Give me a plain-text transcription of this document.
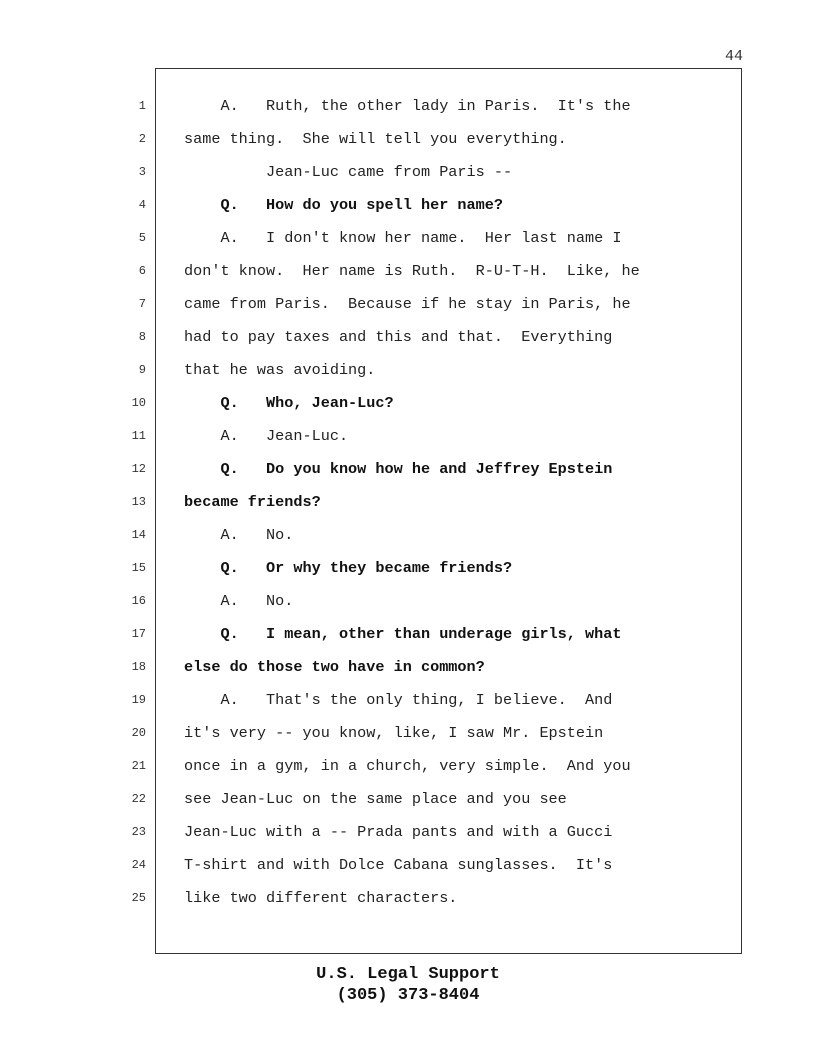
44
1
2
3
4
5
6
7
8
9
10
11
12
13
14
15
16
17
18
19
20
21
22
23
24
25
A.   Ruth, the other lady in Paris.  It's the
same thing.  She will tell you everything.
Jean-Luc came from Paris --
Q.   How do you spell her name?
A.   I don't know her name.  Her last name I
don't know.  Her name is Ruth.  R-U-T-H.  Like, he
came from Paris.  Because if he stay in Paris, he
had to pay taxes and this and that.  Everything
that he was avoiding.
Q.   Who, Jean-Luc?
A.   Jean-Luc.
Q.   Do you know how he and Jeffrey Epstein
became friends?
A.   No.
Q.   Or why they became friends?
A.   No.
Q.   I mean, other than underage girls, what
else do those two have in common?
A.   That's the only thing, I believe.  And
it's very -- you know, like, I saw Mr. Epstein
once in a gym, in a church, very simple.  And you
see Jean-Luc on the same place and you see
Jean-Luc with a -- Prada pants and with a Gucci
T-shirt and with Dolce Cabana sunglasses.  It's
like two different characters.
U.S. Legal Support
(305) 373-8404
